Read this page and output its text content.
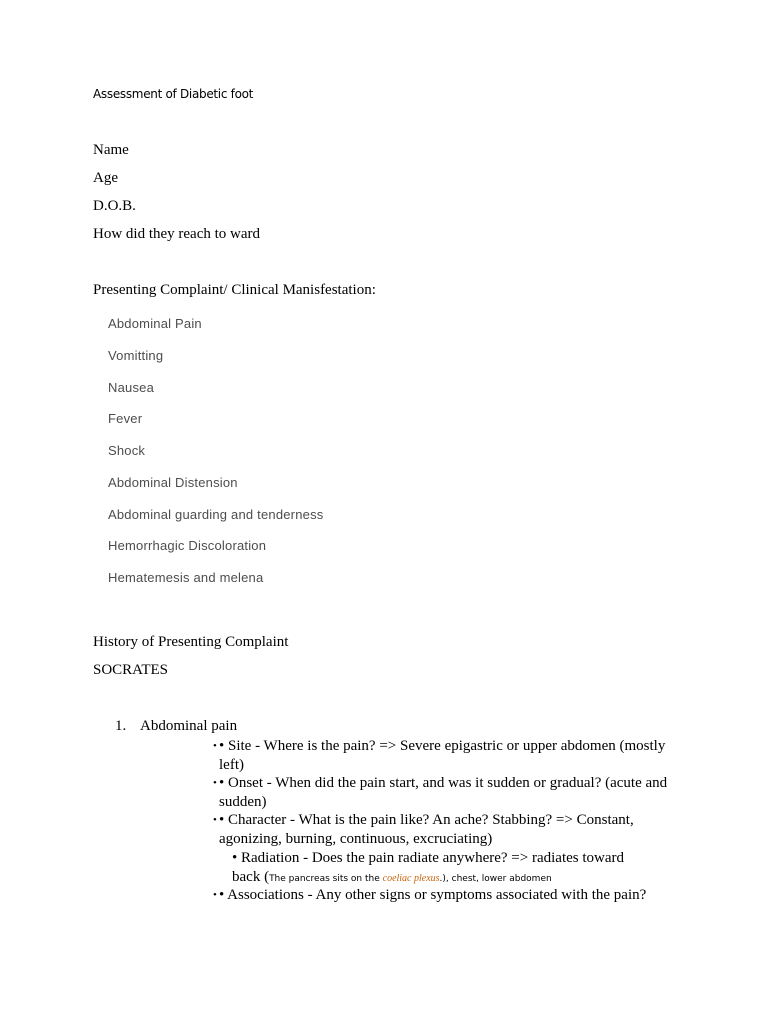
Assessment of Diabetic foot
Name
Age
D.O.B.
How did they reach to ward
Presenting Complaint/ Clinical Manisfestation:
Abdominal Pain
Vomitting
Nausea
Fever
Shock
Abdominal Distension
Abdominal guarding and tenderness
Hemorrhagic Discoloration
Hematemesis and melena
History of Presenting Complaint
SOCRATES
1. Abdominal pain
• • Site - Where is the pain? => Severe epigastric or upper abdomen (mostly left)
• • Onset - When did the pain start, and was it sudden or gradual? (acute and sudden)
• • Character - What is the pain like? An ache? Stabbing? => Constant, agonizing, burning, continuous, excruciating)
• Radiation - Does the pain radiate anywhere? => radiates toward back (The pancreas sits on the coeliac plexus.), chest, lower abdomen
• • Associations - Any other signs or symptoms associated with the pain?
